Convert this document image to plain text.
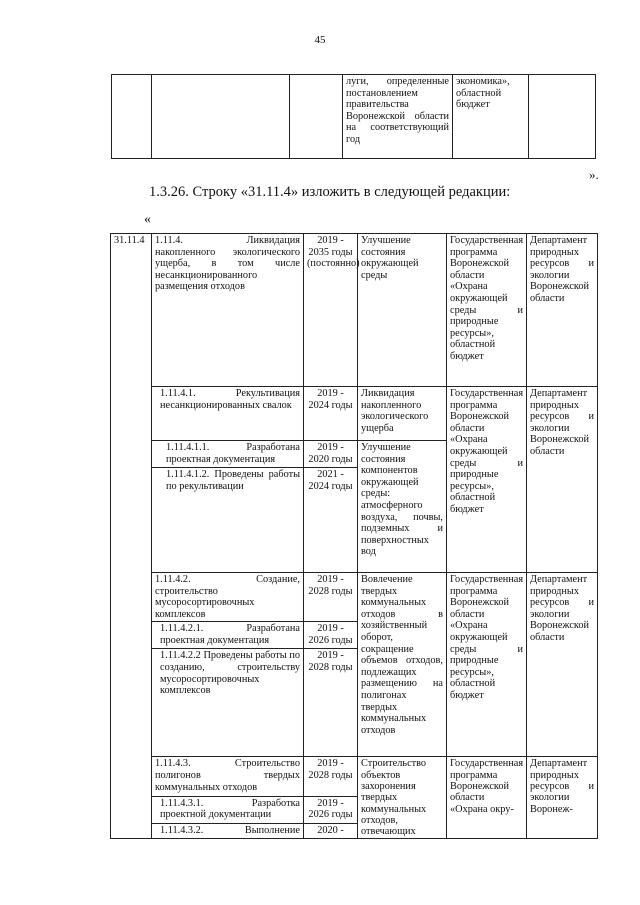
45
			луги, определенные постановлением правительства Воронежской области на соответствующий год	экономика», областной бюджет	
».
1.3.26. Строку «31.11.4» изложить в следующей редакции:
«
31.11.4	1.11.4. Ликвидация накопленного экологического ущерба, в том числе несанкционированного размещения отходов	2019 - 2035 годы (постоянно)	Улучшение состояния окружающей среды	Государственная программа Воронежской области «Охрана окружающей среды и природные ресурсы», областной бюджет	Департамент природных ресурсов и экологии Воронежской области
	1.11.4.1. Рекультивация несанкционированных свалок	2019 - 2024 годы	Ликвидация накопленного экологического ущерба	Государственная программа Воронежской области «Охрана окружающей среды и природные ресурсы», областной бюджет	Департамент природных ресурсов и экологии Воронежской области
	1.11.4.1.1. Разработана проектная документация	2019 - 2020 годы	Улучшение состояния компонентов окружающей среды: атмосферного воздуха, почвы, подземных и поверхностных вод		
	1.11.4.1.2. Проведены работы по рекультивации	2021 - 2024 годы			
	1.11.4.2. Создание, строительство мусоросортировочных комплексов	2019 - 2028 годы	Вовлечение твердых коммунальных отходов в хозяйственный оборот, сокращение объемов отходов, подлежащих размещению на полигонах твердых коммунальных отходов	Государственная программа Воронежской области «Охрана окружающей среды и природные ресурсы», областной бюджет	Департамент природных ресурсов и экологии Воронежской области
	1.11.4.2.1. Разработана проектная документация	2019 - 2026 годы			
	1.11.4.2.2 Проведены работы по созданию, строительству мусоросортировочных комплексов	2019 - 2028 годы			
	1.11.4.3. Строительство полигонов твердых коммунальных отходов	2019 - 2028 годы	Строительство объектов захоронения твердых коммунальных отходов, отвечающих	Государственная программа Воронежской области «Охрана окру-	Департамент природных ресурсов и экологии Воронеж-
	1.11.4.3.1. Разработка проектной документации	2019 - 2026 годы			
	1.11.4.3.2. Выполнение	2020 -			
